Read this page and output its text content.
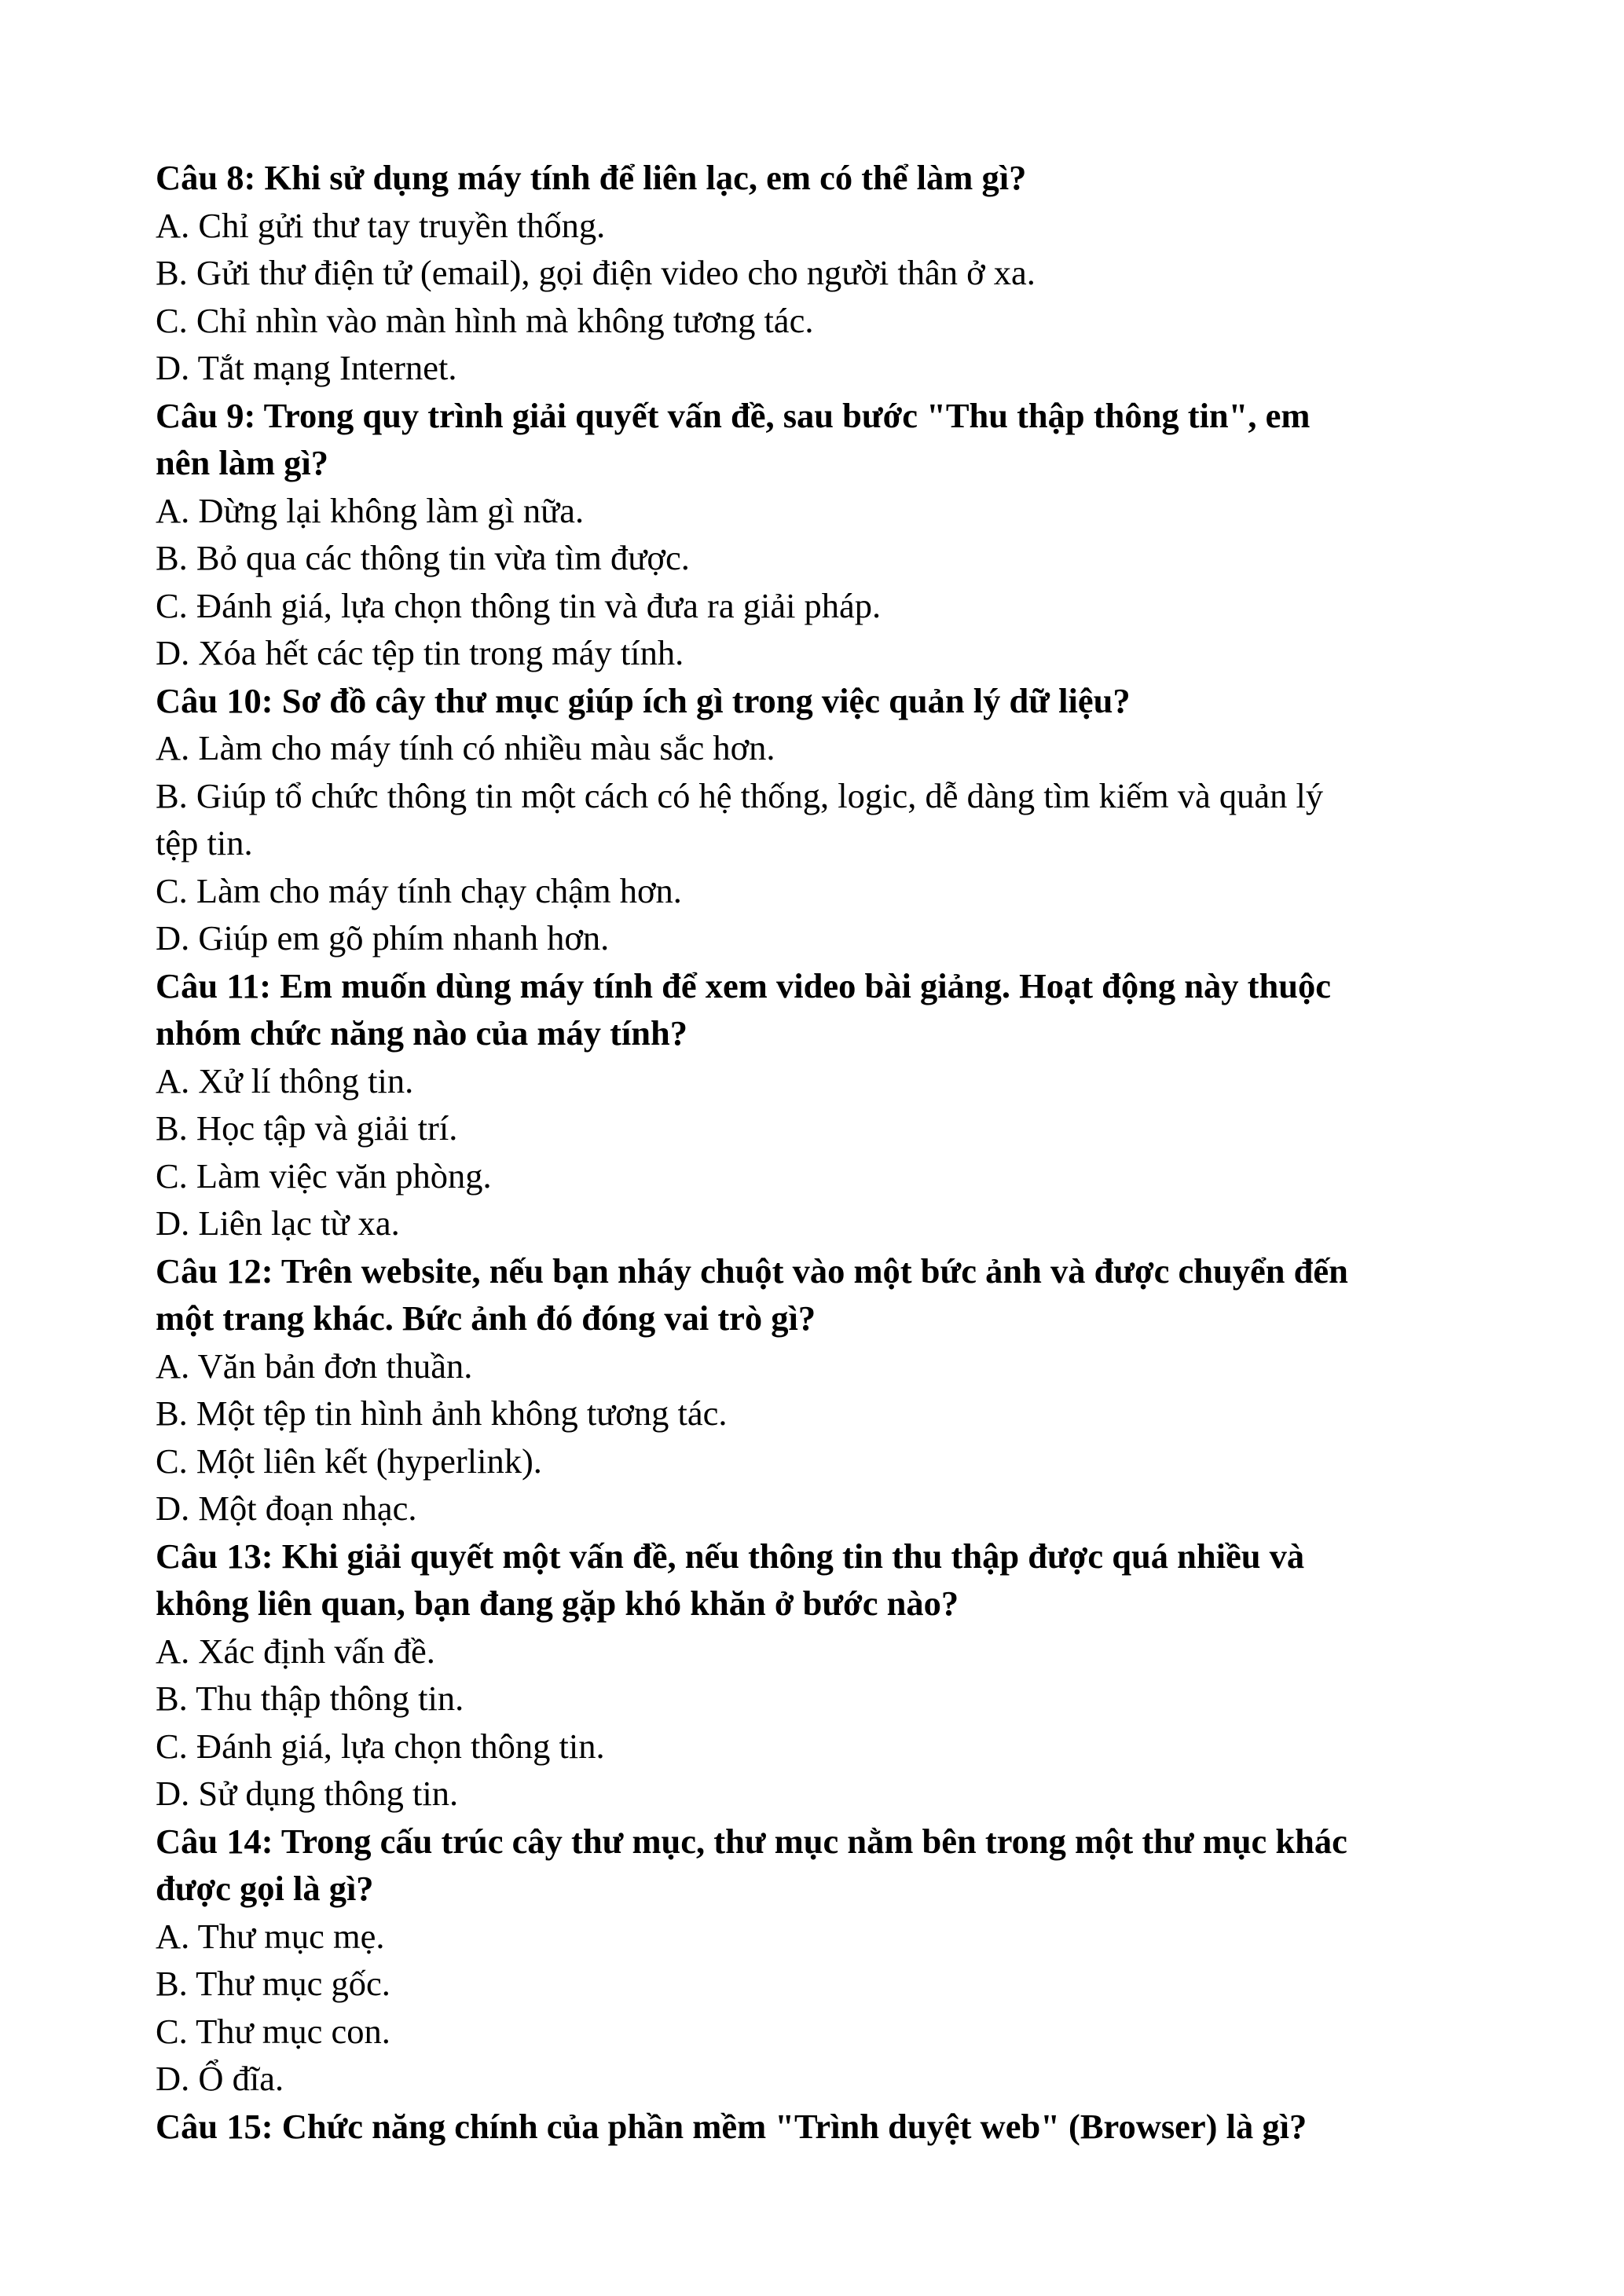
Câu 8: Khi sử dụng máy tính để liên lạc, em có thể làm gì?
A. Chỉ gửi thư tay truyền thống.
B. Gửi thư điện tử (email), gọi điện video cho người thân ở xa.
C. Chỉ nhìn vào màn hình mà không tương tác.
D. Tắt mạng Internet.
Câu 9: Trong quy trình giải quyết vấn đề, sau bước "Thu thập thông tin", em
nên làm gì?
A. Dừng lại không làm gì nữa.
B. Bỏ qua các thông tin vừa tìm được.
C. Đánh giá, lựa chọn thông tin và đưa ra giải pháp.
D. Xóa hết các tệp tin trong máy tính.
Câu 10: Sơ đồ cây thư mục giúp ích gì trong việc quản lý dữ liệu?
A. Làm cho máy tính có nhiều màu sắc hơn.
B. Giúp tổ chức thông tin một cách có hệ thống, logic, dễ dàng tìm kiếm và quản lý
tệp tin.
C. Làm cho máy tính chạy chậm hơn.
D. Giúp em gõ phím nhanh hơn.
Câu 11: Em muốn dùng máy tính để xem video bài giảng. Hoạt động này thuộc
nhóm chức năng nào của máy tính?
A. Xử lí thông tin.
B. Học tập và giải trí.
C. Làm việc văn phòng.
D. Liên lạc từ xa.
Câu 12: Trên website, nếu bạn nháy chuột vào một bức ảnh và được chuyển đến
một trang khác. Bức ảnh đó đóng vai trò gì?
A. Văn bản đơn thuần.
B. Một tệp tin hình ảnh không tương tác.
C. Một liên kết (hyperlink).
D. Một đoạn nhạc.
Câu 13: Khi giải quyết một vấn đề, nếu thông tin thu thập được quá nhiều và
không liên quan, bạn đang gặp khó khăn ở bước nào?
A. Xác định vấn đề.
B. Thu thập thông tin.
C. Đánh giá, lựa chọn thông tin.
D. Sử dụng thông tin.
Câu 14: Trong cấu trúc cây thư mục, thư mục nằm bên trong một thư mục khác
được gọi là gì?
A. Thư mục mẹ.
B. Thư mục gốc.
C. Thư mục con.
D. Ổ đĩa.
Câu 15: Chức năng chính của phần mềm "Trình duyệt web" (Browser) là gì?
